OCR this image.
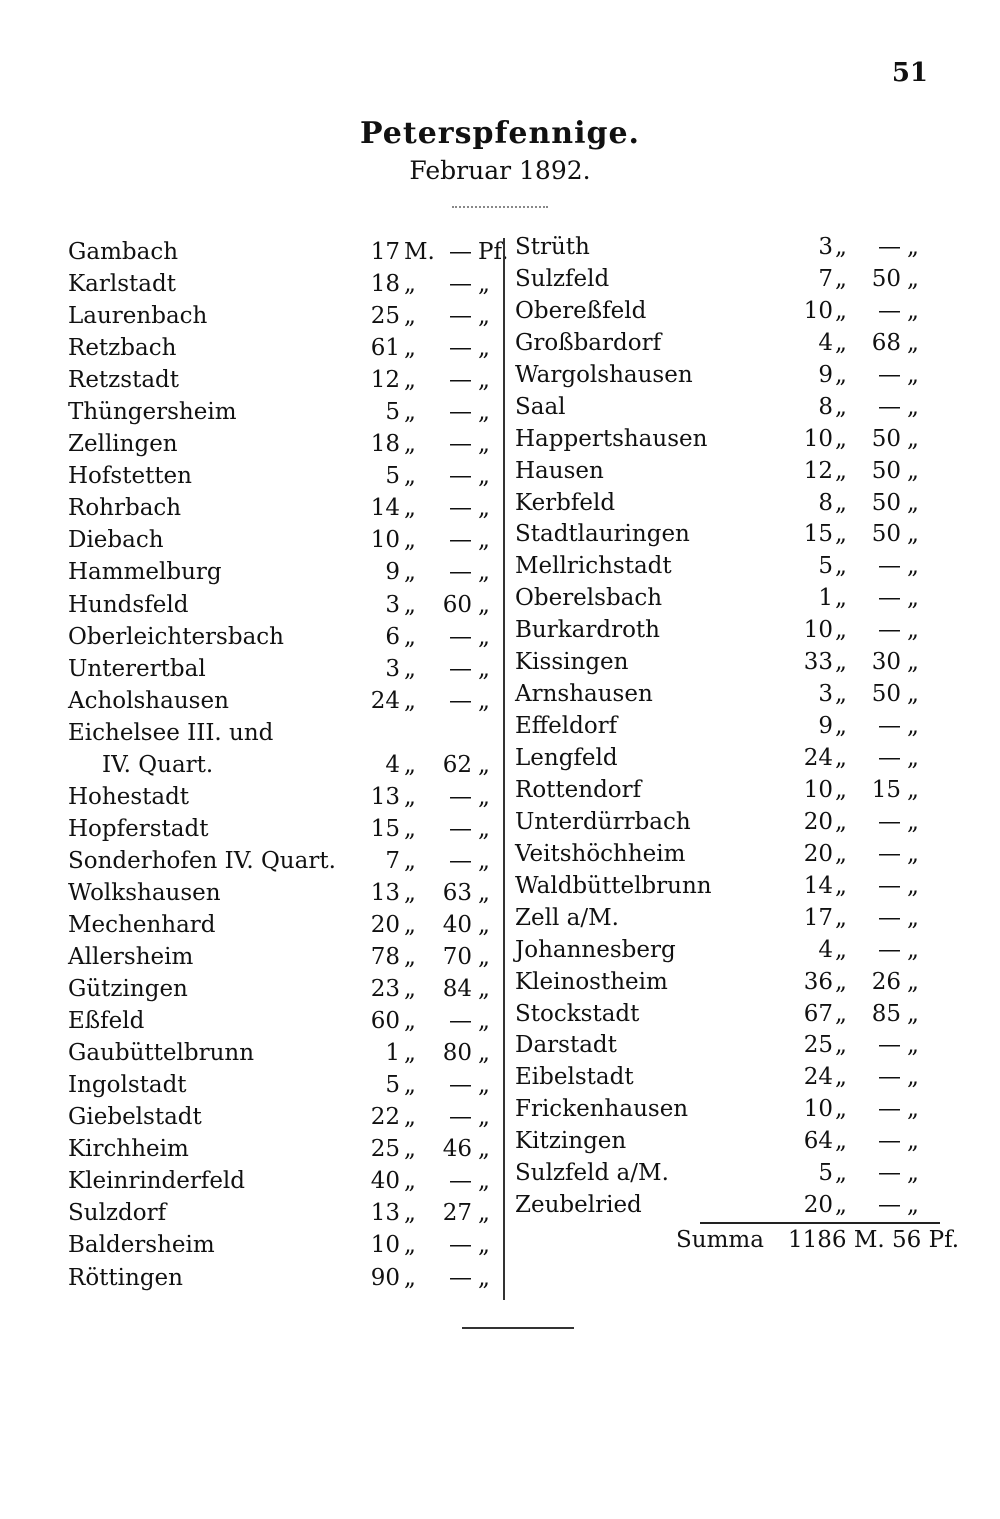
51
Peterspfennige.
Februar 1892.
Gambach	17 M. — Pf.
Karlstadt	18 „	— „
Laurenbach	25 „	— „
Retzbach	61 „	— „
Retzstadt	12 „	— „
Thüngersheim	5 „	— „
Zellingen	18 „	— „
Hofstetten	5 „	— „
Rohrbach	14 „	— „
Diebach	10 „	— „
Hammelburg	9 „	— „
Hundsfeld	3 „	60 „
Oberleichtersbach	6 „	— „
Unterertbal	3 „	— „
Acholshausen	24 „	— „
Eichelsee III. und
IV. Quart.	4 „	62 „
Hohestadt	13 „	— „
Hopferstadt	15 „	— „
Sonderhofen IV. Quart.	7 „	— „
Wolkshausen	13 „	63 „
Mechenhard	20 „	40 „
Allersheim	78 „	70 „
Gützingen	23 „	84 „
Eßfeld	60 „	— „
Gaubüttelbrunn	1 „	80 „
Ingolstadt	5 „	— „
Giebelstadt	22 „	— „
Kirchheim	25 „	46 „
Kleinrinderfeld	40 „	— „
Sulzdorf	13 „	27 „
Baldersheim	10 „	— „
Röttingen	90 „	— „
Strüth	3 „	— „
Sulzfeld	7 „	50 „
Obereßfeld	10 „	— „
Großbardorf	4 „	68 „
Wargolshausen	9 „	— „
Saal	8 „	— „
Happertshausen	10 „	50 „
Hausen	12 „	50 „
Kerbfeld	8 „	50 „
Stadtlauringen	15 „	50 „
Mellrichstadt	5 „	— „
Oberelsbach	1 „	— „
Burkardroth	10 „	— „
Kissingen	33 „	30 „
Arnshausen	3 „	50 „
Effeldorf	9 „	— „
Lengfeld	24 „	— „
Rottendorf	10 „	15 „
Unterdürrbach	20 „	— „
Veitshöchheim	20 „	— „
Waldbüttelbrunn	14 „	— „
Zell a/M.	17 „	— „
Johannesberg	4 „	— „
Kleinostheim	36 „	26 „
Stockstadt	67 „	85 „
Darstadt	25 „	— „
Eibelstadt	24 „	— „
Frickenhausen	10 „	— „
Kitzingen	64 „	— „
Sulzfeld a/M.	5 „	— „
Zeubelried	20 „	— „
Summa 1186 M. 56 Pf.
